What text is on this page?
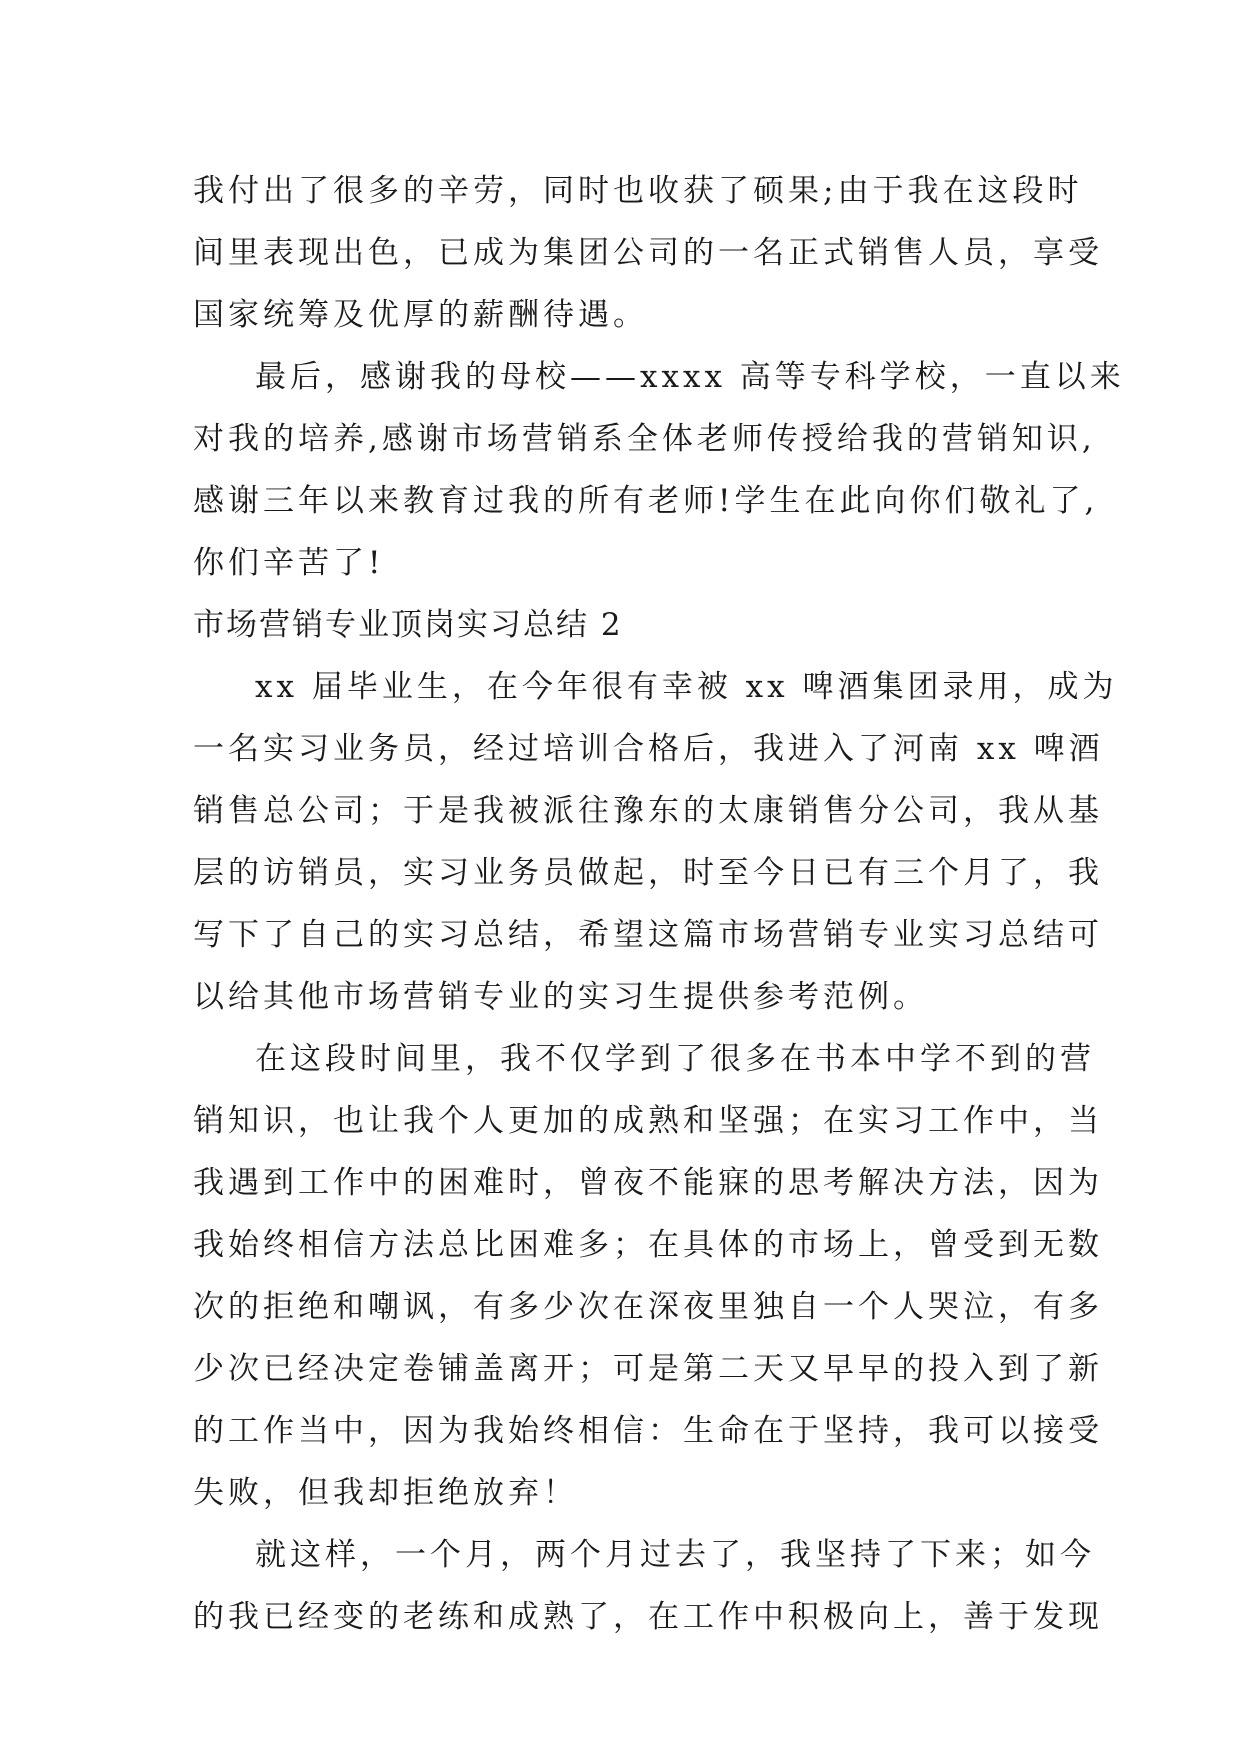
我付出了很多的辛劳，同时也收获了硕果;由于我在这段时
间里表现出色，已成为集团公司的一名正式销售人员，享受
国家统筹及优厚的薪酬待遇。
最后，感谢我的母校——xxxx 高等专科学校，一直以来
对我的培养,感谢市场营销系全体老师传授给我的营销知识,
感谢三年以来教育过我的所有老师!学生在此向你们敬礼了,
你们辛苦了!
市场营销专业顶岗实习总结 2
xx 届毕业生，在今年很有幸被 xx 啤酒集团录用，成为
一名实习业务员，经过培训合格后，我进入了河南 xx 啤酒
销售总公司；于是我被派往豫东的太康销售分公司，我从基
层的访销员，实习业务员做起，时至今日已有三个月了，我
写下了自己的实习总结，希望这篇市场营销专业实习总结可
以给其他市场营销专业的实习生提供参考范例。
在这段时间里，我不仅学到了很多在书本中学不到的营
销知识，也让我个人更加的成熟和坚强；在实习工作中，当
我遇到工作中的困难时，曾夜不能寐的思考解决方法，因为
我始终相信方法总比困难多；在具体的市场上，曾受到无数
次的拒绝和嘲讽，有多少次在深夜里独自一个人哭泣，有多
少次已经决定卷铺盖离开；可是第二天又早早的投入到了新
的工作当中，因为我始终相信：生命在于坚持，我可以接受
失败，但我却拒绝放弃！
就这样，一个月，两个月过去了，我坚持了下来；如今
的我已经变的老练和成熟了，在工作中积极向上，善于发现
